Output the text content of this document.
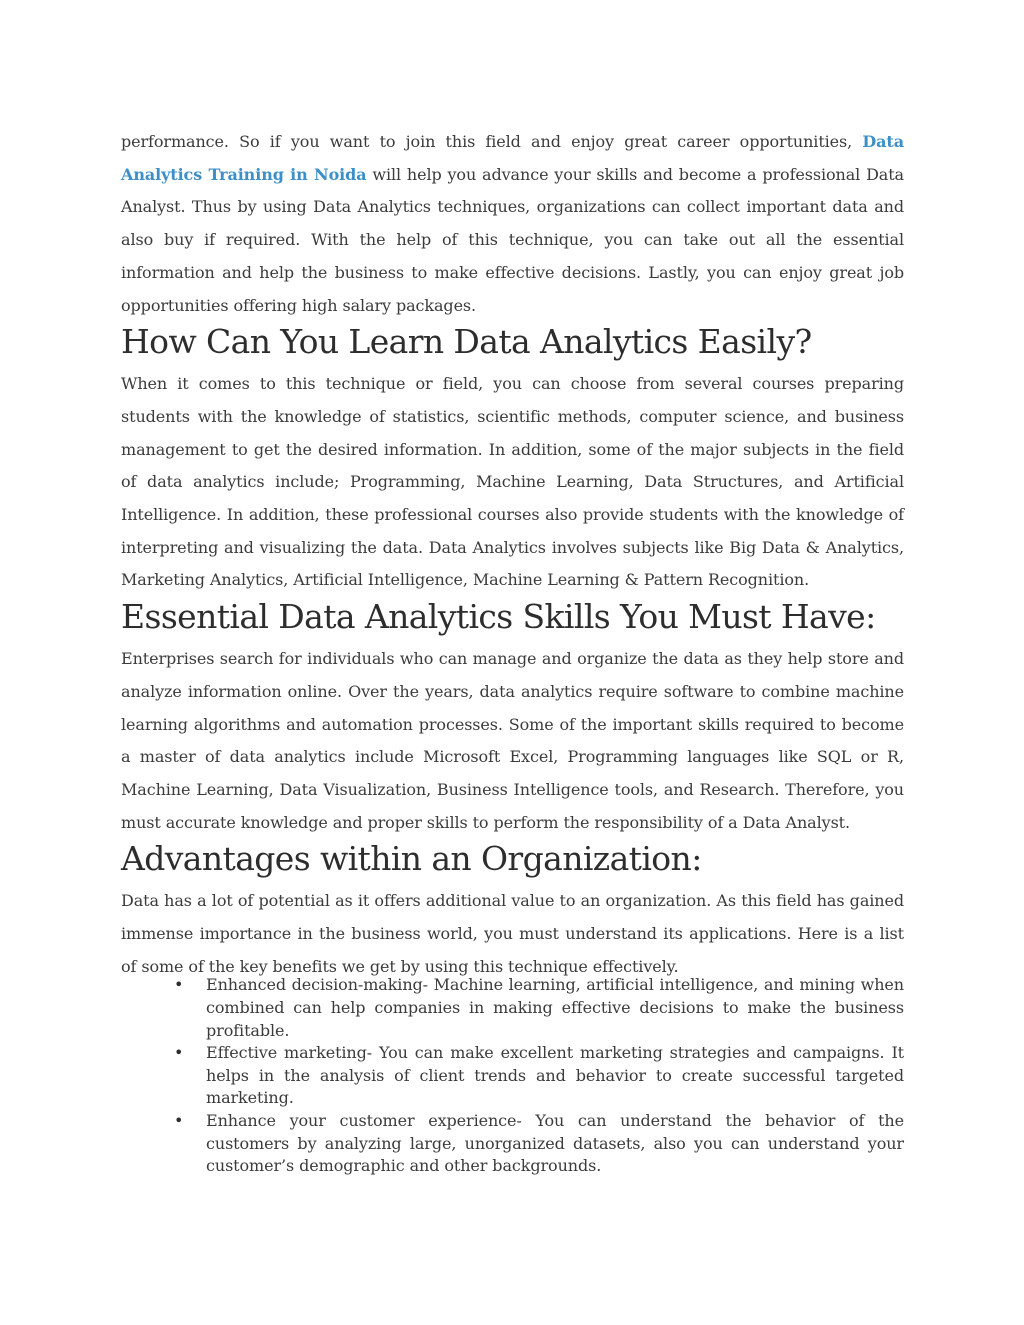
performance. So if you want to join this field and enjoy great career opportunities, Data Analytics Training in Noida will help you advance your skills and become a professional Data Analyst. Thus by using Data Analytics techniques, organizations can collect important data and also buy if required. With the help of this technique, you can take out all the essential information and help the business to make effective decisions. Lastly, you can enjoy great job opportunities offering high salary packages.

How Can You Learn Data Analytics Easily?

When it comes to this technique or field, you can choose from several courses preparing students with the knowledge of statistics, scientific methods, computer science, and business management to get the desired information. In addition, some of the major subjects in the field of data analytics include; Programming, Machine Learning, Data Structures, and Artificial Intelligence. In addition, these professional courses also provide students with the knowledge of interpreting and visualizing the data. Data Analytics involves subjects like Big Data & Analytics, Marketing Analytics, Artificial Intelligence, Machine Learning & Pattern Recognition.

Essential Data Analytics Skills You Must Have:

Enterprises search for individuals who can manage and organize the data as they help store and analyze information online. Over the years, data analytics require software to combine machine learning algorithms and automation processes. Some of the important skills required to become a master of data analytics include Microsoft Excel, Programming languages like SQL or R, Machine Learning, Data Visualization, Business Intelligence tools, and Research. Therefore, you must accurate knowledge and proper skills to perform the responsibility of a Data Analyst.

Advantages within an Organization:

Data has a lot of potential as it offers additional value to an organization. As this field has gained immense importance in the business world, you must understand its applications. Here is a list of some of the key benefits we get by using this technique effectively.

• Enhanced decision-making- Machine learning, artificial intelligence, and mining when combined can help companies in making effective decisions to make the business profitable.
• Effective marketing- You can make excellent marketing strategies and campaigns. It helps in the analysis of client trends and behavior to create successful targeted marketing.
• Enhance your customer experience- You can understand the behavior of the customers by analyzing large, unorganized datasets, also you can understand your customer’s demographic and other backgrounds.
